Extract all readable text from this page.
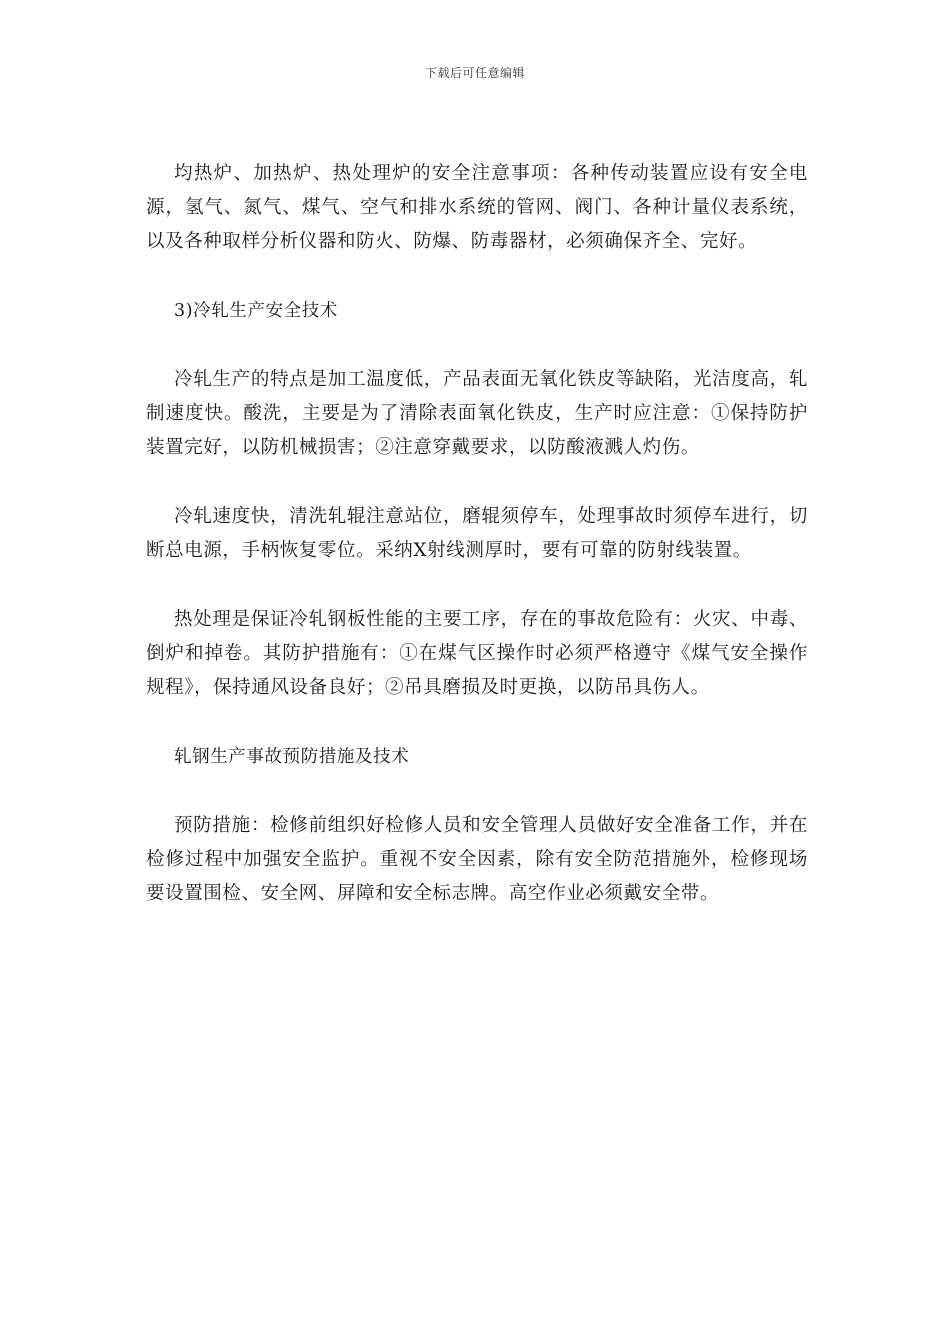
下载后可任意编辑

均热炉、加热炉、热处理炉的安全注意事项：各种传动装置应设有安全电源，氢气、氮气、煤气、空气和排水系统的管网、阀门、各种计量仪表系统，以及各种取样分析仪器和防火、防爆、防毒器材，必须确保齐全、完好。

3)冷轧生产安全技术

冷轧生产的特点是加工温度低，产品表面无氧化铁皮等缺陷，光洁度高，轧制速度快。酸洗，主要是为了清除表面氧化铁皮，生产时应注意：①保持防护装置完好，以防机械损害；②注意穿戴要求，以防酸液溅人灼伤。

冷轧速度快，清洗轧辊注意站位，磨辊须停车，处理事故时须停车进行，切断总电源，手柄恢复零位。采纳X射线测厚时，要有可靠的防射线装置。

热处理是保证冷轧钢板性能的主要工序，存在的事故危险有：火灾、中毒、倒炉和掉卷。其防护措施有：①在煤气区操作时必须严格遵守《煤气安全操作规程》，保持通风设备良好；②吊具磨损及时更换，以防吊具伤人。

轧钢生产事故预防措施及技术

预防措施：检修前组织好检修人员和安全管理人员做好安全准备工作，并在检修过程中加强安全监护。重视不安全因素，除有安全防范措施外，检修现场要设置围检、安全网、屏障和安全标志牌。高空作业必须戴安全带。
